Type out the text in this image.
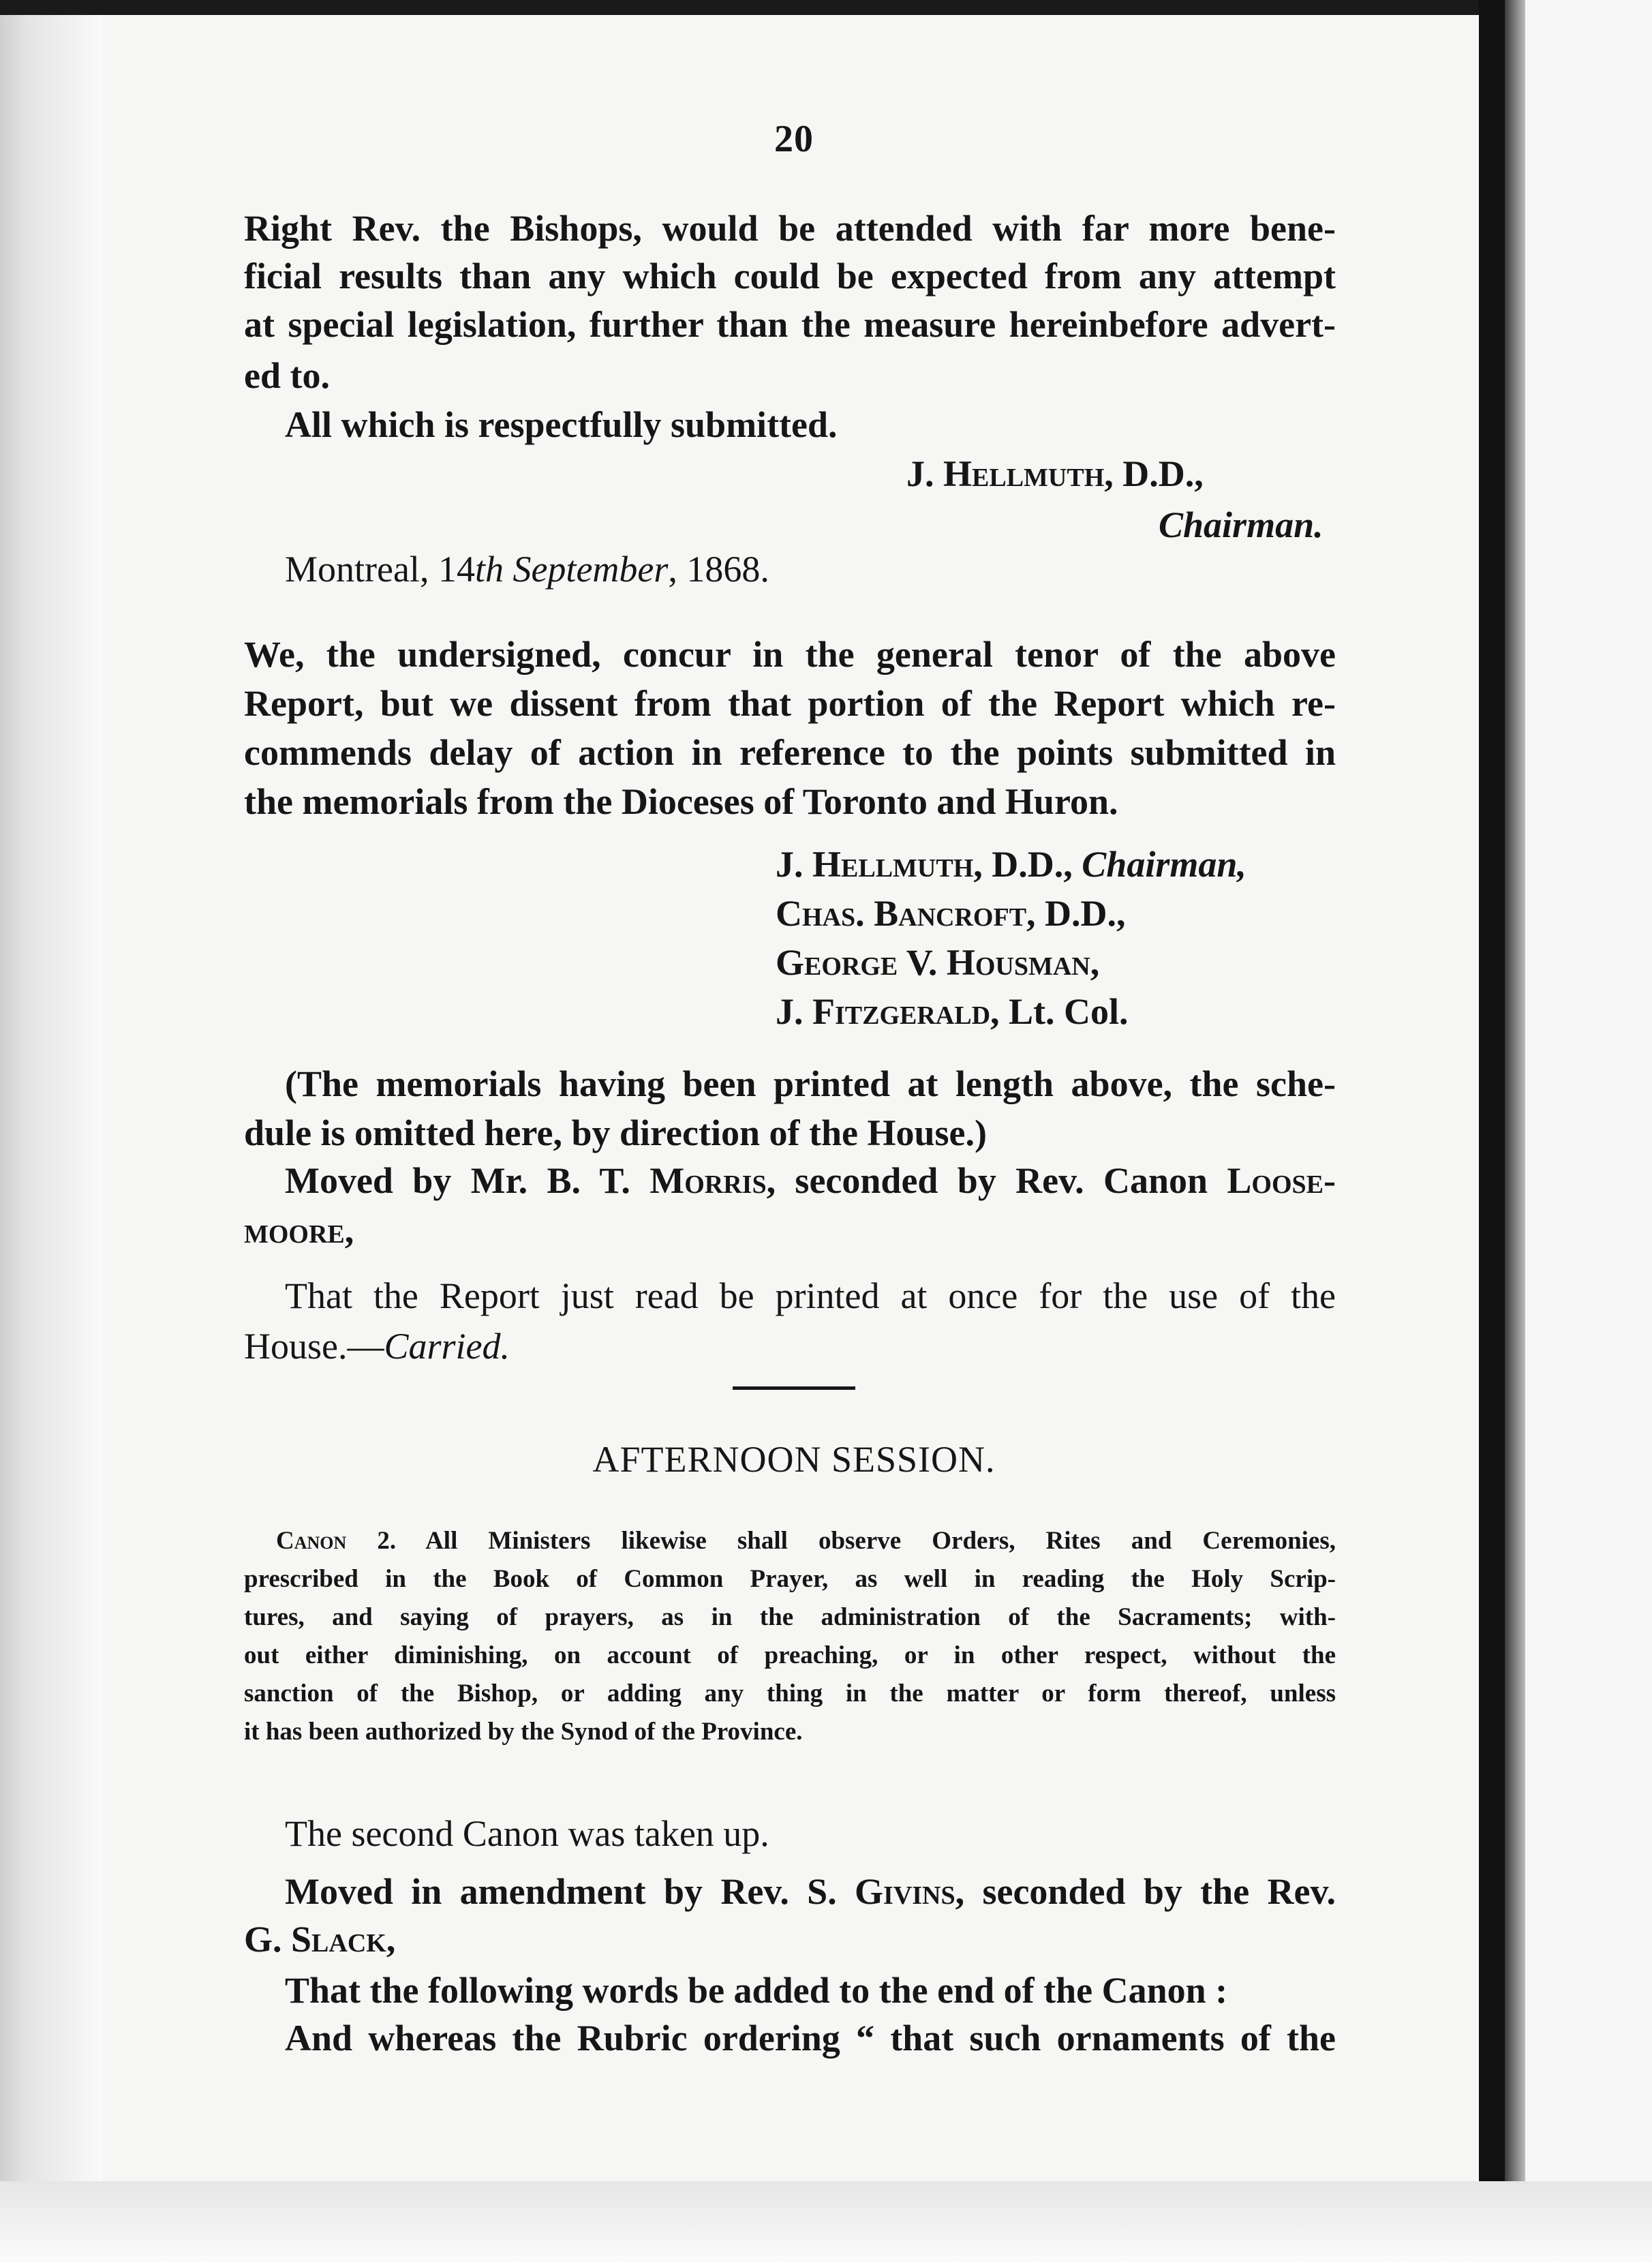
20

Right Rev. the Bishops, would be attended with far more bene-

ficial results than any which could be expected from any attempt

at special legislation, further than the measure hereinbefore advert-

ed to.

All which is respectfully submitted.

J. Hellmuth, D.D.,

Chairman.

Montreal, 14th September, 1868.

We, the undersigned, concur in the general tenor of the above

Report, but we dissent from that portion of the Report which re-

commends delay of action in reference to the points submitted in

the memorials from the Dioceses of Toronto and Huron.

J. Hellmuth, D.D., Chairman,

Chas. Bancroft, D.D.,

George V. Housman,

J. Fitzgerald, Lt. Col.

(The memorials having been printed at length above, the sche-

dule is omitted here, by direction of the House.)

Moved by Mr. B. T. Morris, seconded by Rev. Canon Loose-

moore,

That the Report just read be printed at once for the use of the

House.—Carried.

AFTERNOON SESSION.

Canon 2. All Ministers likewise shall observe Orders, Rites and Ceremonies,

prescribed in the Book of Common Prayer, as well in reading the Holy Scrip-

tures, and saying of prayers, as in the administration of the Sacraments; with-

out either diminishing, on account of preaching, or in other respect, without the

sanction of the Bishop, or adding any thing in the matter or form thereof, unless

it has been authorized by the Synod of the Province.

The second Canon was taken up.

Moved in amendment by Rev. S. Givins, seconded by the Rev.

G. Slack,

That the following words be added to the end of the Canon :

And whereas the Rubric ordering “ that such ornaments of the
